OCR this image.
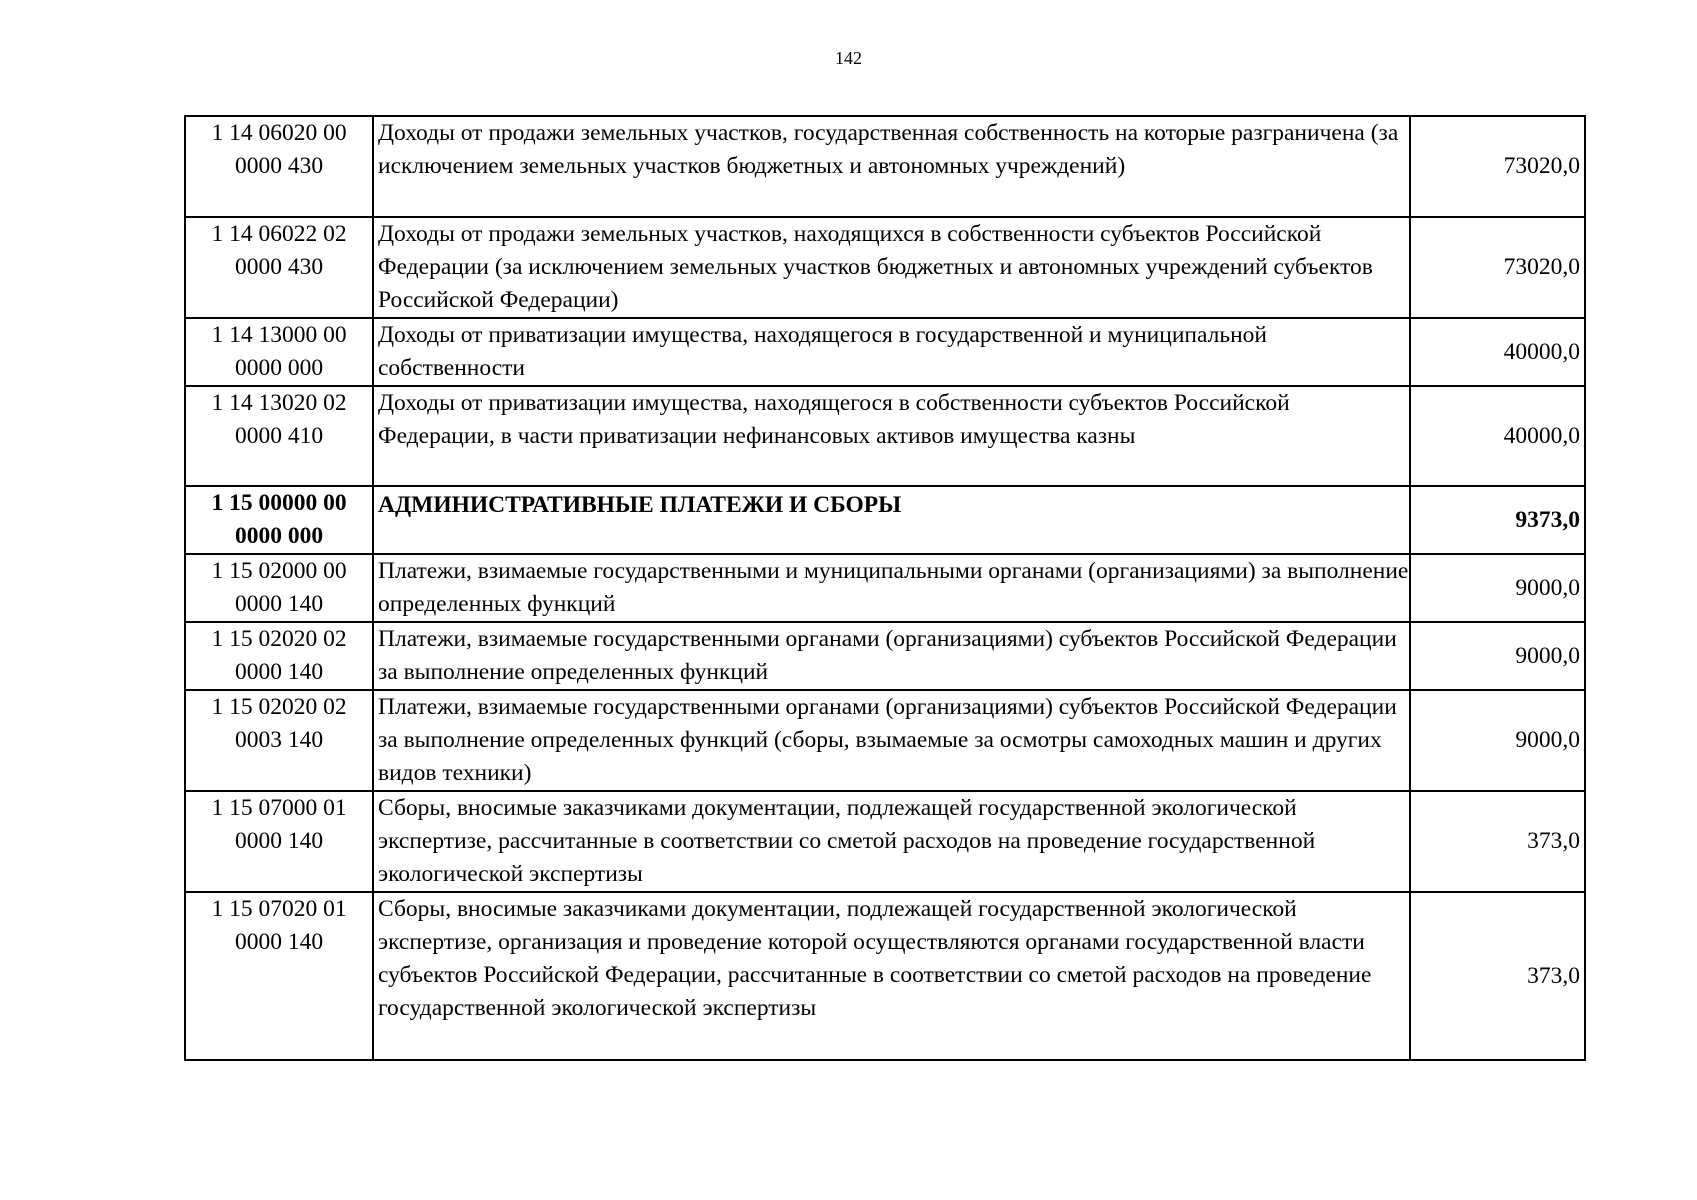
142
1 14 06020 00 0000 430	Доходы от продажи земельных участков, государственная собственность на которые разграничена (за исключением земельных участков бюджетных и автономных учреждений)	73020,0
1 14 06022 02 0000 430	Доходы от продажи земельных участков, находящихся в собственности субъектов Российской Федерации (за исключением земельных участков бюджетных и автономных учреждений субъектов Российской Федерации)	73020,0
1 14 13000 00 0000 000	Доходы от приватизации имущества, находящегося в государственной и муниципальной собственности	40000,0
1 14 13020 02 0000 410	Доходы от приватизации имущества, находящегося в собственности субъектов Российской Федерации, в части приватизации нефинансовых активов имущества казны	40000,0
1 15 00000 00 0000 000	АДМИНИСТРАТИВНЫЕ ПЛАТЕЖИ И СБОРЫ	9373,0
1 15 02000 00 0000 140	Платежи, взимаемые государственными и муниципальными органами (организациями) за выполнение определенных функций	9000,0
1 15 02020 02 0000 140	Платежи, взимаемые государственными органами (организациями) субъектов Российской Федерации за выполнение определенных функций	9000,0
1 15 02020 02 0003 140	Платежи, взимаемые государственными органами (организациями) субъектов Российской Федерации за выполнение определенных функций (сборы, взымаемые за осмотры самоходных машин и других видов техники)	9000,0
1 15 07000 01 0000 140	Сборы, вносимые заказчиками документации, подлежащей государственной экологической экспертизе, рассчитанные в соответствии со сметой расходов на проведение государственной экологической экспертизы	373,0
1 15 07020 01 0000 140	Сборы, вносимые заказчиками документации, подлежащей государственной экологической экспертизе, организация и проведение которой осуществляются органами государственной власти субъектов Российской Федерации, рассчитанные в соответствии со сметой расходов на проведение государственной экологической экспертизы	373,0
